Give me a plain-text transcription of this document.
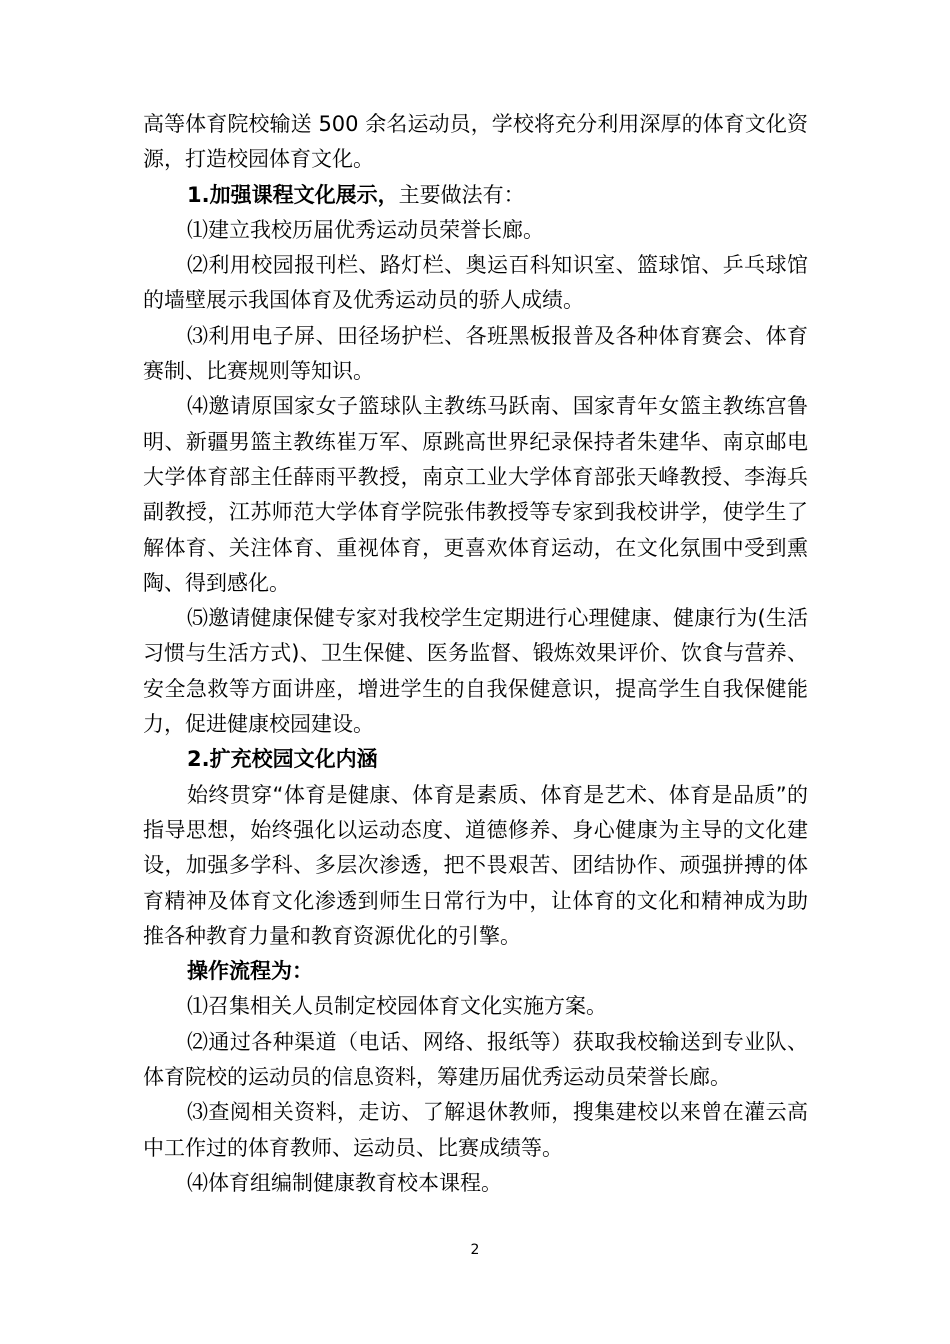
高等体育院校输送 500 余名运动员，学校将充分利用深厚的体育文化资源，打造校园体育文化。

1.加强课程文化展示，主要做法有：

⑴建立我校历届优秀运动员荣誉长廊。

⑵利用校园报刊栏、路灯栏、奥运百科知识室、篮球馆、乒乓球馆的墙壁展示我国体育及优秀运动员的骄人成绩。

⑶利用电子屏、田径场护栏、各班黑板报普及各种体育赛会、体育赛制、比赛规则等知识。

⑷邀请原国家女子篮球队主教练马跃南、国家青年女篮主教练宫鲁明、新疆男篮主教练崔万军、原跳高世界纪录保持者朱建华、南京邮电大学体育部主任薛雨平教授，南京工业大学体育部张天峰教授、李海兵副教授，江苏师范大学体育学院张伟教授等专家到我校讲学，使学生了解体育、关注体育、重视体育，更喜欢体育运动，在文化氛围中受到熏陶、得到感化。

⑸邀请健康保健专家对我校学生定期进行心理健康、健康行为(生活习惯与生活方式)、卫生保健、医务监督、锻炼效果评价、饮食与营养、安全急救等方面讲座，增进学生的自我保健意识，提高学生自我保健能力，促进健康校园建设。

2.扩充校园文化内涵

始终贯穿“体育是健康、体育是素质、体育是艺术、体育是品质”的指导思想，始终强化以运动态度、道德修养、身心健康为主导的文化建设，加强多学科、多层次渗透，把不畏艰苦、团结协作、顽强拼搏的体育精神及体育文化渗透到师生日常行为中，让体育的文化和精神成为助推各种教育力量和教育资源优化的引擎。

操作流程为：

⑴召集相关人员制定校园体育文化实施方案。

⑵通过各种渠道（电话、网络、报纸等）获取我校输送到专业队、体育院校的运动员的信息资料，筹建历届优秀运动员荣誉长廊。

⑶查阅相关资料，走访、了解退休教师，搜集建校以来曾在灌云高中工作过的体育教师、运动员、比赛成绩等。

⑷体育组编制健康教育校本课程。

2
